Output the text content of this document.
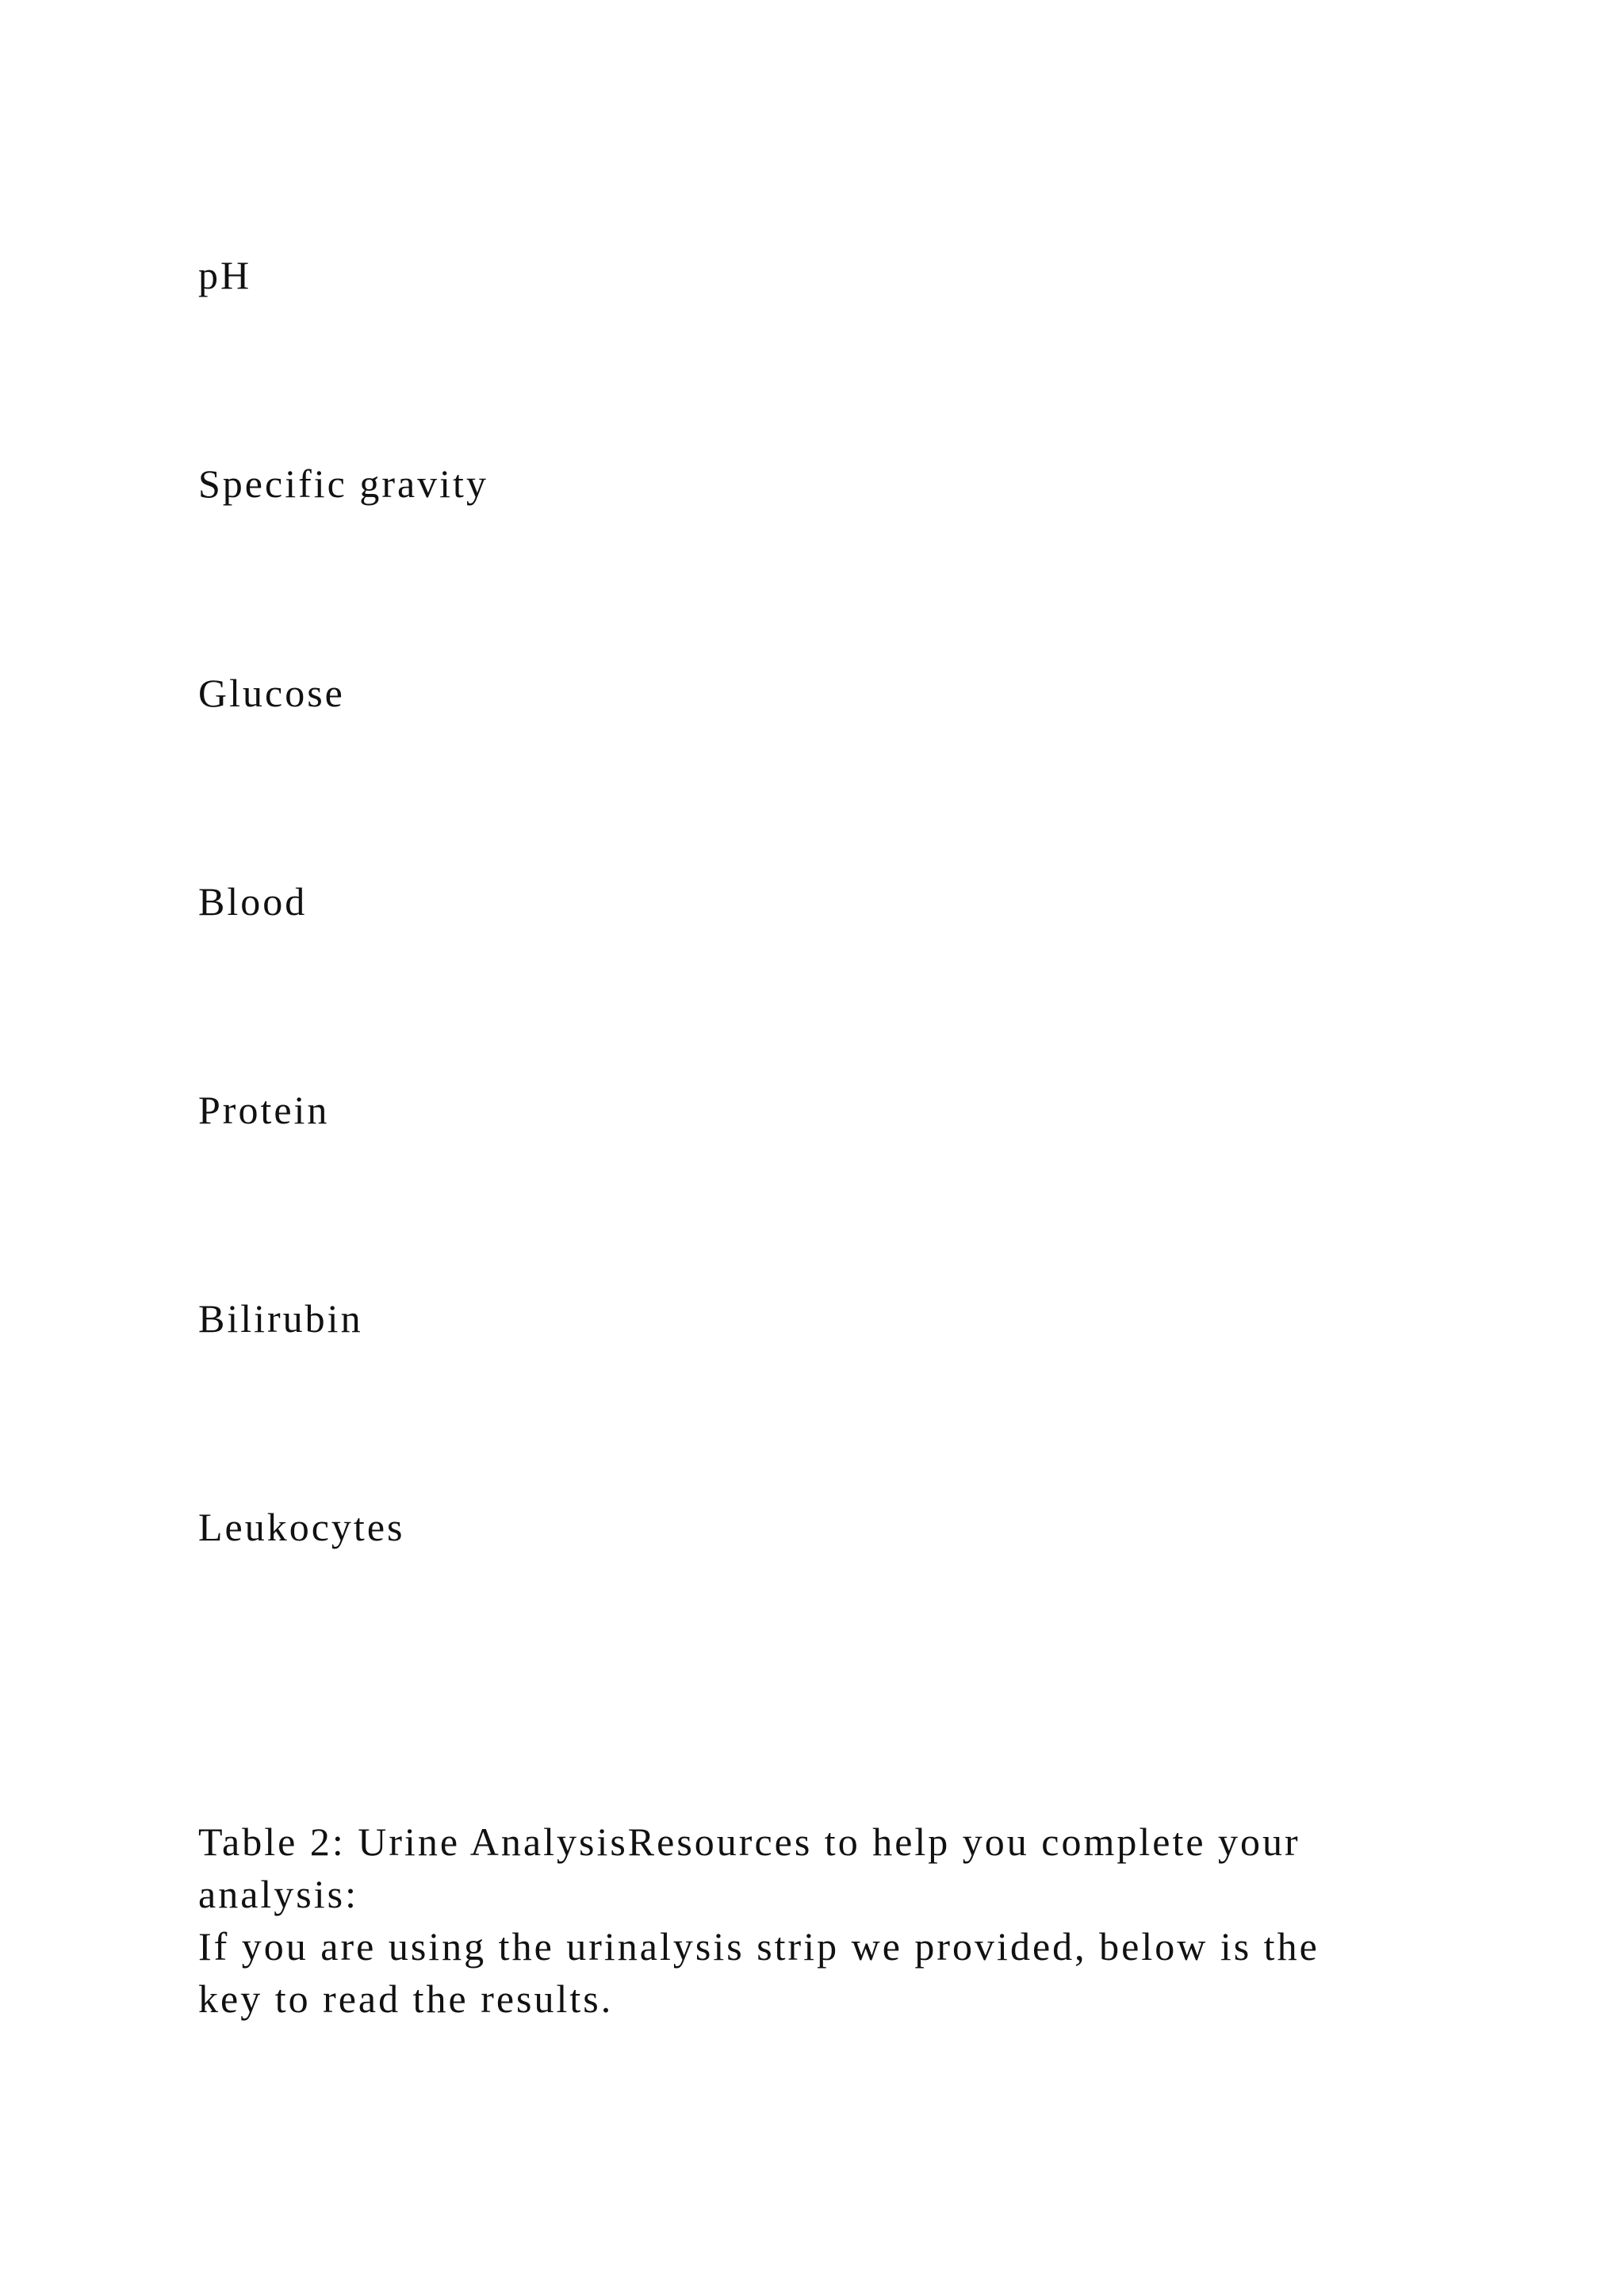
pH
Specific gravity
Glucose
Blood
Protein
Bilirubin
Leukocytes
Table 2: Urine AnalysisResources to help you complete your
analysis:
If you are using the urinalysis strip we provided, below is the
key to read the results.
